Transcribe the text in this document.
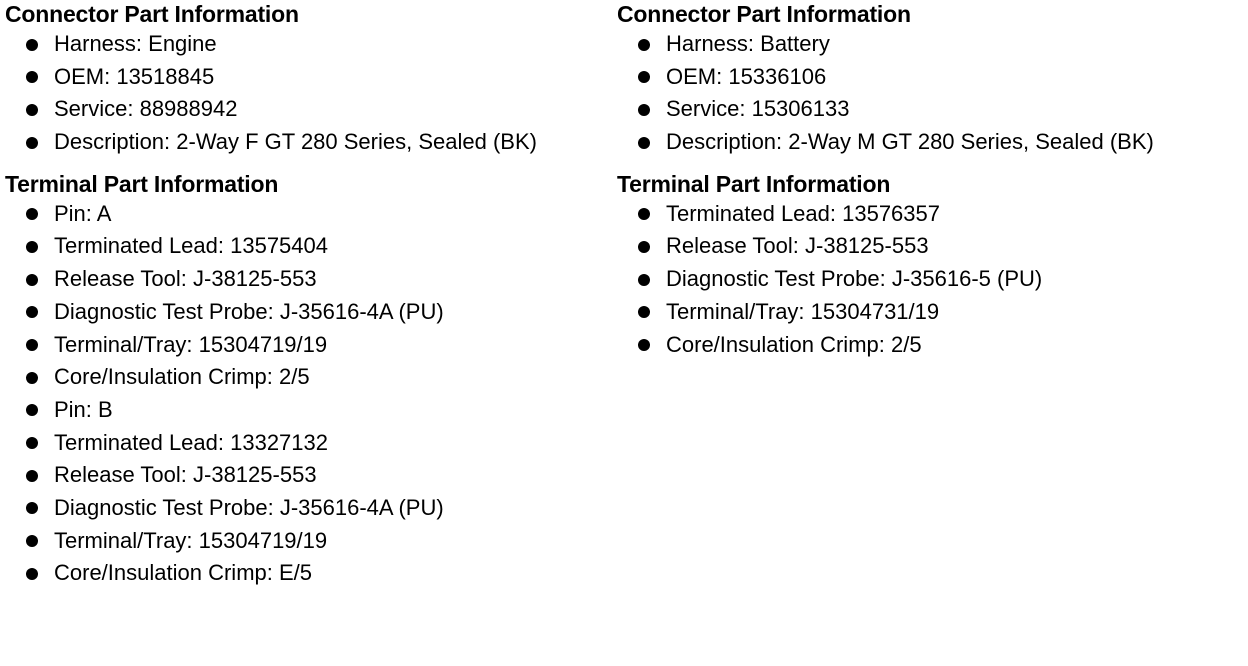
Connector Part Information
Harness: Engine
OEM: 13518845
Service: 88988942
Description: 2-Way F GT 280 Series, Sealed (BK)
Terminal Part Information
Pin: A
Terminated Lead: 13575404
Release Tool: J-38125-553
Diagnostic Test Probe: J-35616-4A (PU)
Terminal/Tray: 15304719/19
Core/Insulation Crimp: 2/5
Pin: B
Terminated Lead: 13327132
Release Tool: J-38125-553
Diagnostic Test Probe: J-35616-4A (PU)
Terminal/Tray: 15304719/19
Core/Insulation Crimp: E/5
Connector Part Information
Harness: Battery
OEM: 15336106
Service: 15306133
Description: 2-Way M GT 280 Series, Sealed (BK)
Terminal Part Information
Terminated Lead: 13576357
Release Tool: J-38125-553
Diagnostic Test Probe: J-35616-5 (PU)
Terminal/Tray: 15304731/19
Core/Insulation Crimp: 2/5
